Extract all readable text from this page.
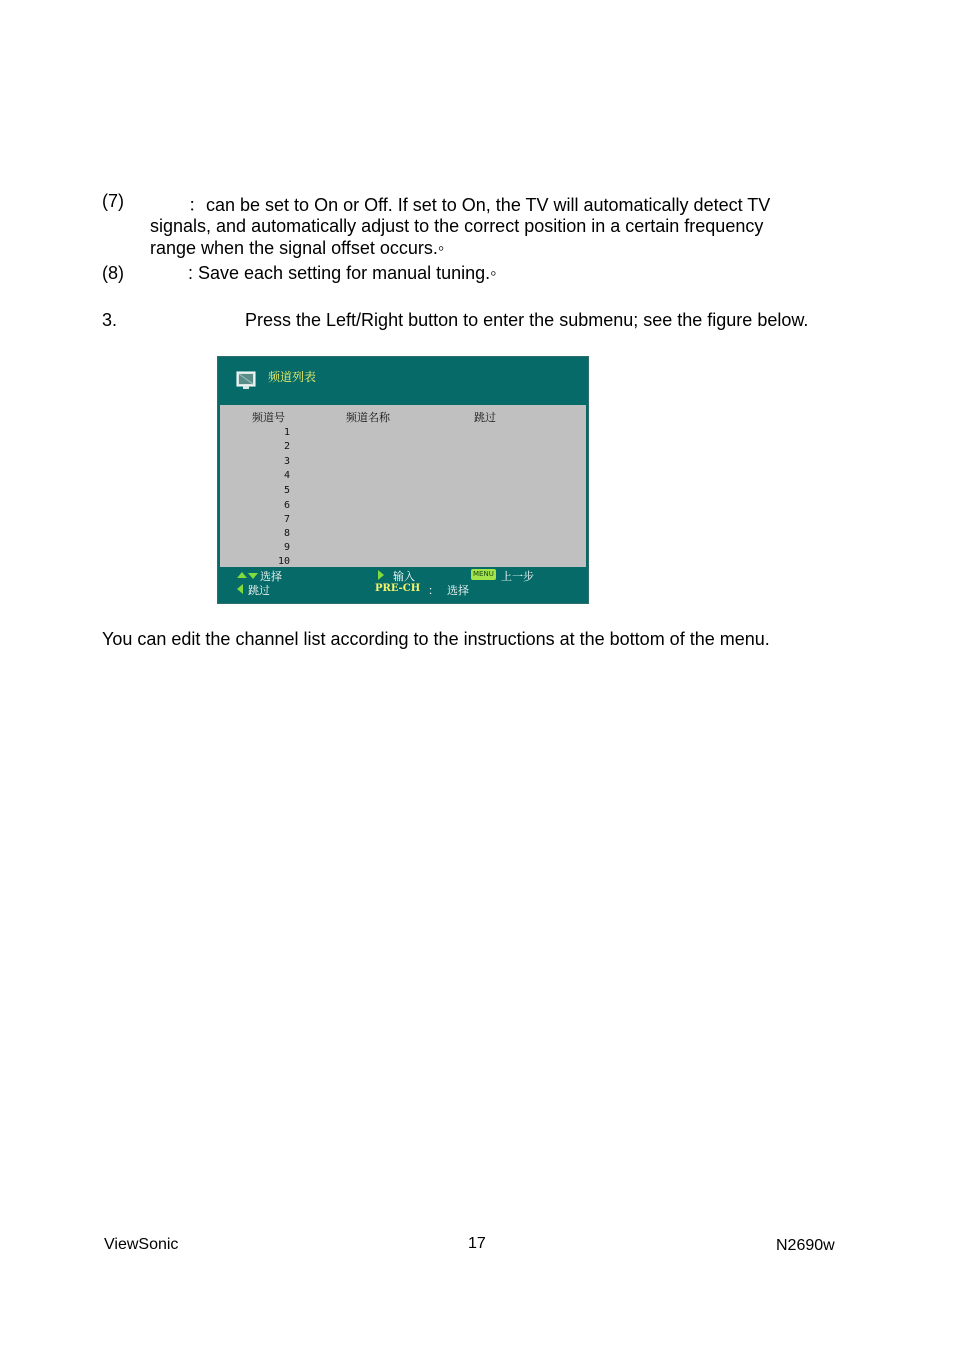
(7)	：can be set to On or Off. If set to On, the TV will automatically detect TV
signals, and automatically adjust to the correct position in a certain frequency
range when the signal offset occurs.◦
(8)	: Save each setting for manual tuning.◦
3.	Press the Left/Right button to enter the submenu; see the figure below.
频道列表
频道号	频道名称	跳过
1
2
3
4
5
6
7
8
9
10
选择	输入	MENU 上一步
跳过	PRE-CH ： 选择
You can edit the channel list according to the instructions at the bottom of the menu.
ViewSonic	17	N2690w
